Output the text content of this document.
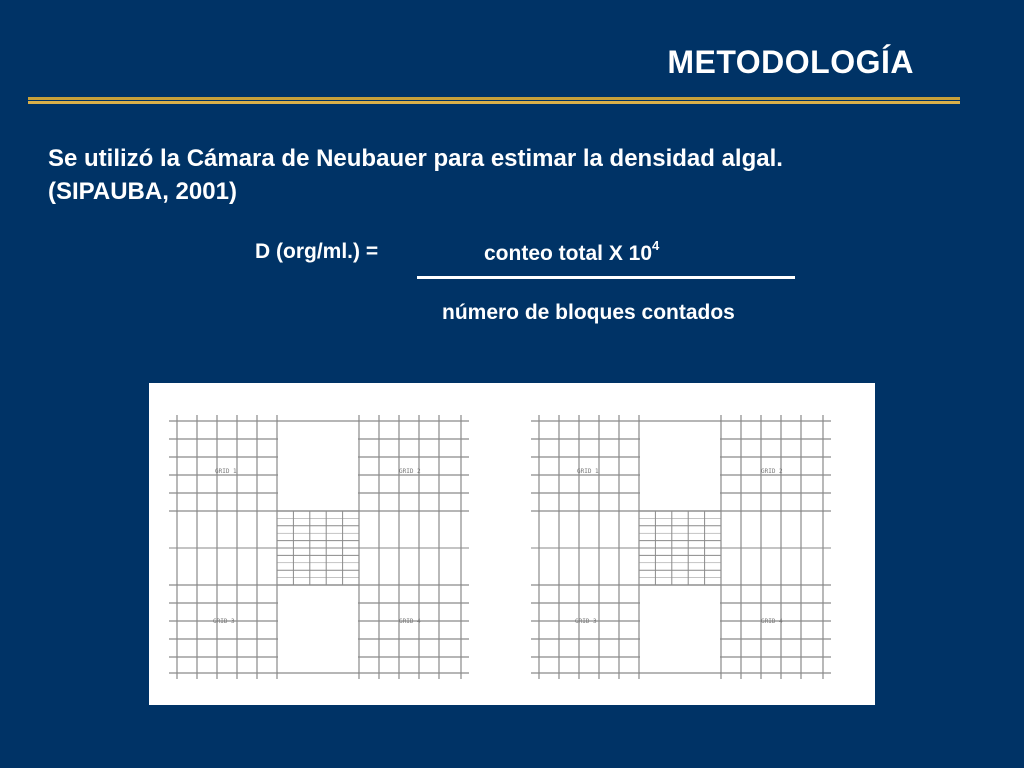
METODOLOGÍA
Se utilizó la Cámara de Neubauer para estimar la densidad algal.
(SIPAUBA, 2001)
D (org/ml.) =	conteo total X $10^4$
número de bloques contados
GRID 1	GRID 2
GRID 3	GRID 4
GRID 1	GRID 2
GRID 3	GRID 4
